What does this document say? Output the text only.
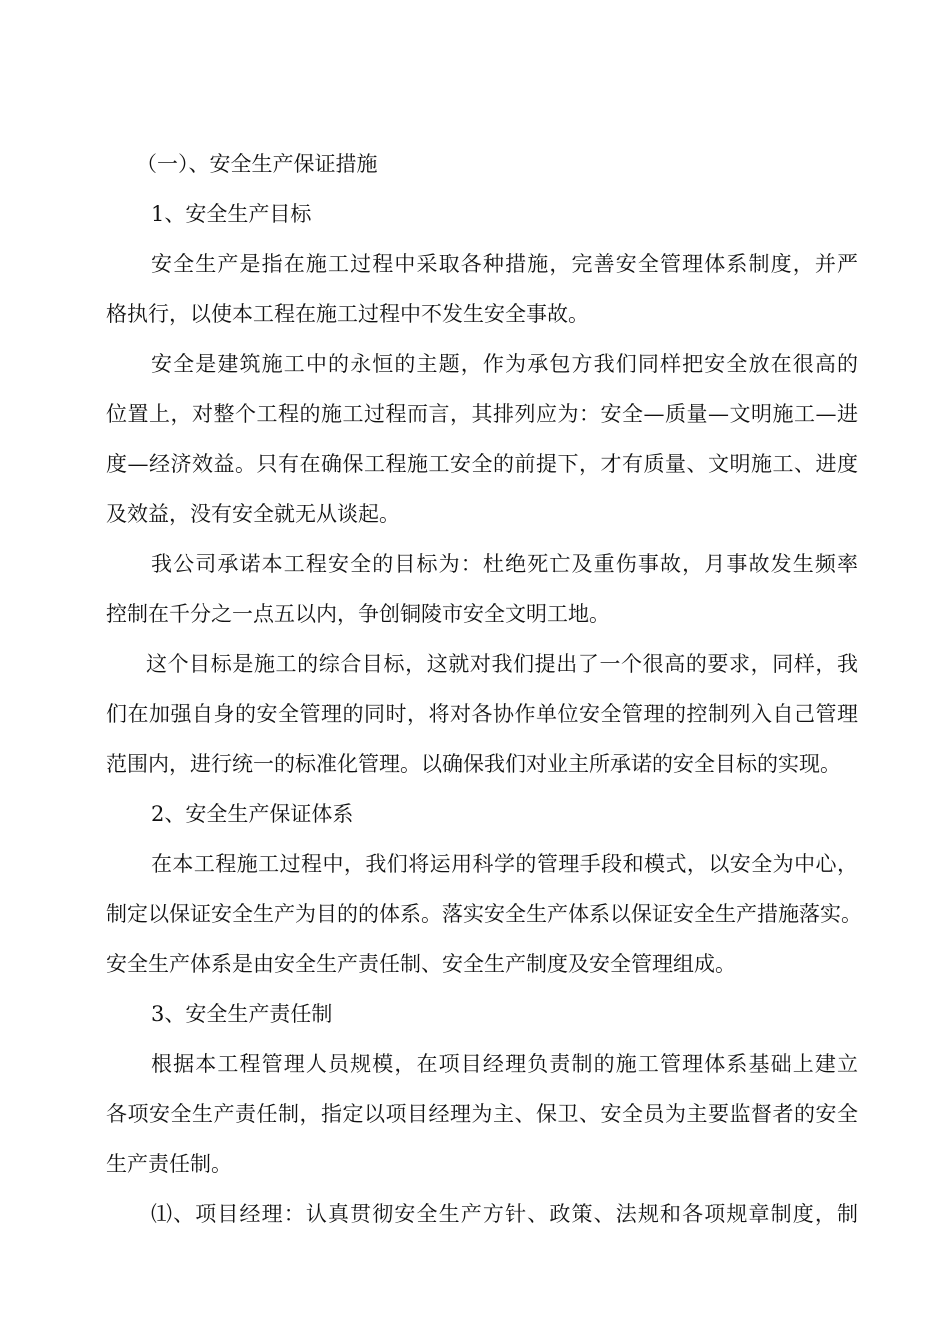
（一）、安全生产保证措施
1、安全生产目标
安全生产是指在施工过程中采取各种措施，完善安全管理体系制度，并严
格执行，以使本工程在施工过程中不发生安全事故。
安全是建筑施工中的永恒的主题，作为承包方我们同样把安全放在很高的
位置上，对整个工程的施工过程而言，其排列应为：安全—质量—文明施工—进
度—经济效益。只有在确保工程施工安全的前提下，才有质量、文明施工、进度
及效益，没有安全就无从谈起。
我公司承诺本工程安全的目标为：杜绝死亡及重伤事故，月事故发生频率
控制在千分之一点五以内，争创铜陵市安全文明工地。
这个目标是施工的综合目标，这就对我们提出了一个很高的要求，同样，我
们在加强自身的安全管理的同时，将对各协作单位安全管理的控制列入自己管理
范围内，进行统一的标准化管理。以确保我们对业主所承诺的安全目标的实现。
2、安全生产保证体系
在本工程施工过程中，我们将运用科学的管理手段和模式，以安全为中心，
制定以保证安全生产为目的的体系。落实安全生产体系以保证安全生产措施落实。
安全生产体系是由安全生产责任制、安全生产制度及安全管理组成。
3、安全生产责任制
根据本工程管理人员规模，在项目经理负责制的施工管理体系基础上建立
各项安全生产责任制，指定以项目经理为主、保卫、安全员为主要监督者的安全
生产责任制。
⑴、项目经理：认真贯彻安全生产方针、政策、法规和各项规章制度，制
